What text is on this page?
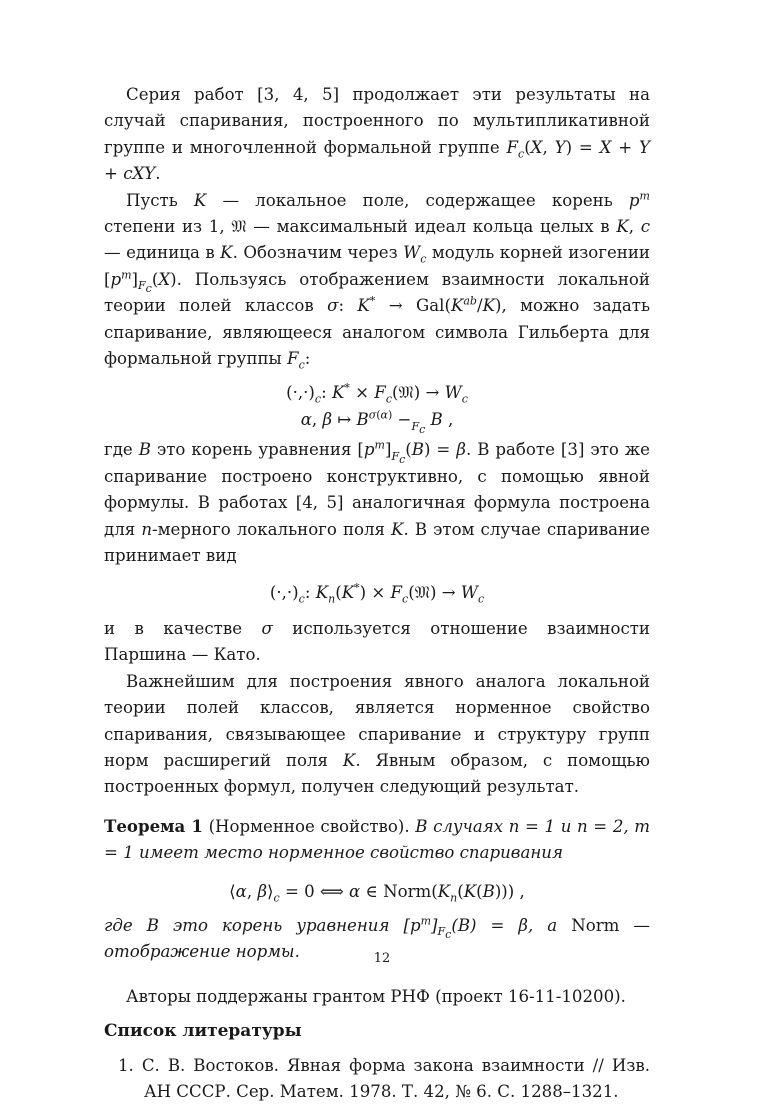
Серия работ [3, 4, 5] продолжает эти результаты на случай спаривания, построенного по мультипликативной группе и многочленной формальной группе $F_c(X$, Y) = X + Y + cXY.

Пусть K — локальное поле, содержащее корень $p^m$ степени из 1, 𝔐 — максимальный идеал кольца целых в K, c — единица в K. Обозначим через $W_c$ модуль корней изогении $[p^m]_{F_c}(X)$. Пользуясь отображением взаимности локальной теории полей классов σ: $K^* \to Gal(K^{ab}/K)$, можно задать спаривание, являющееся аналогом символа Гильберта для формальной группы $F_c$:

$(\cdot,\cdot)_c$: $K^* \times F_c(𝔐) \to W_c$
α, β ↦ $B^{\sigma(\alpha)} -_{F_c}$ B ,

где B это корень уравнения $[p^m]_{F_c}(B) = \beta$. В работе [3] это же спаривание построено конструктивно, с помощью явной формулы. В работах [4, 5] аналогичная формула построена для n-мерного локального поля K. В этом случае спаривание принимает вид

$(\cdot,\cdot)_c$: $K_n(K^*)$ × $F_c(𝔐) \to W_c$

и в качестве σ используется отношение взаимности Паршина — Като.

Важнейшим для построения явного аналога локальной теории полей классов, является норменное свойство спаривания, связывающее спаривание и структуру групп норм расширегий поля K. Явным образом, с помощью построенных формул, получен следующий результат.

Теорема 1 (Норменное свойство). В случаях n = 1 и n = 2, m = 1 имеет место норменное свойство спаривания

⟨α, $\beta⟩_c = 0$ ⟺ α ∈ $Norm(K_n(K(B)))$ ,

где B это корень уравнения $[p^m]_{F_c}(B) = \beta$, а Norm — отображение нормы.

Авторы поддержаны грантом РНФ (проект 16-11-10200).

Список литературы

1. С. В. Востоков. Явная форма закона взаимности // Изв. АН СССР. Сер. Матем. 1978. Т. 42, № 6. С. 1288–1321.

12
